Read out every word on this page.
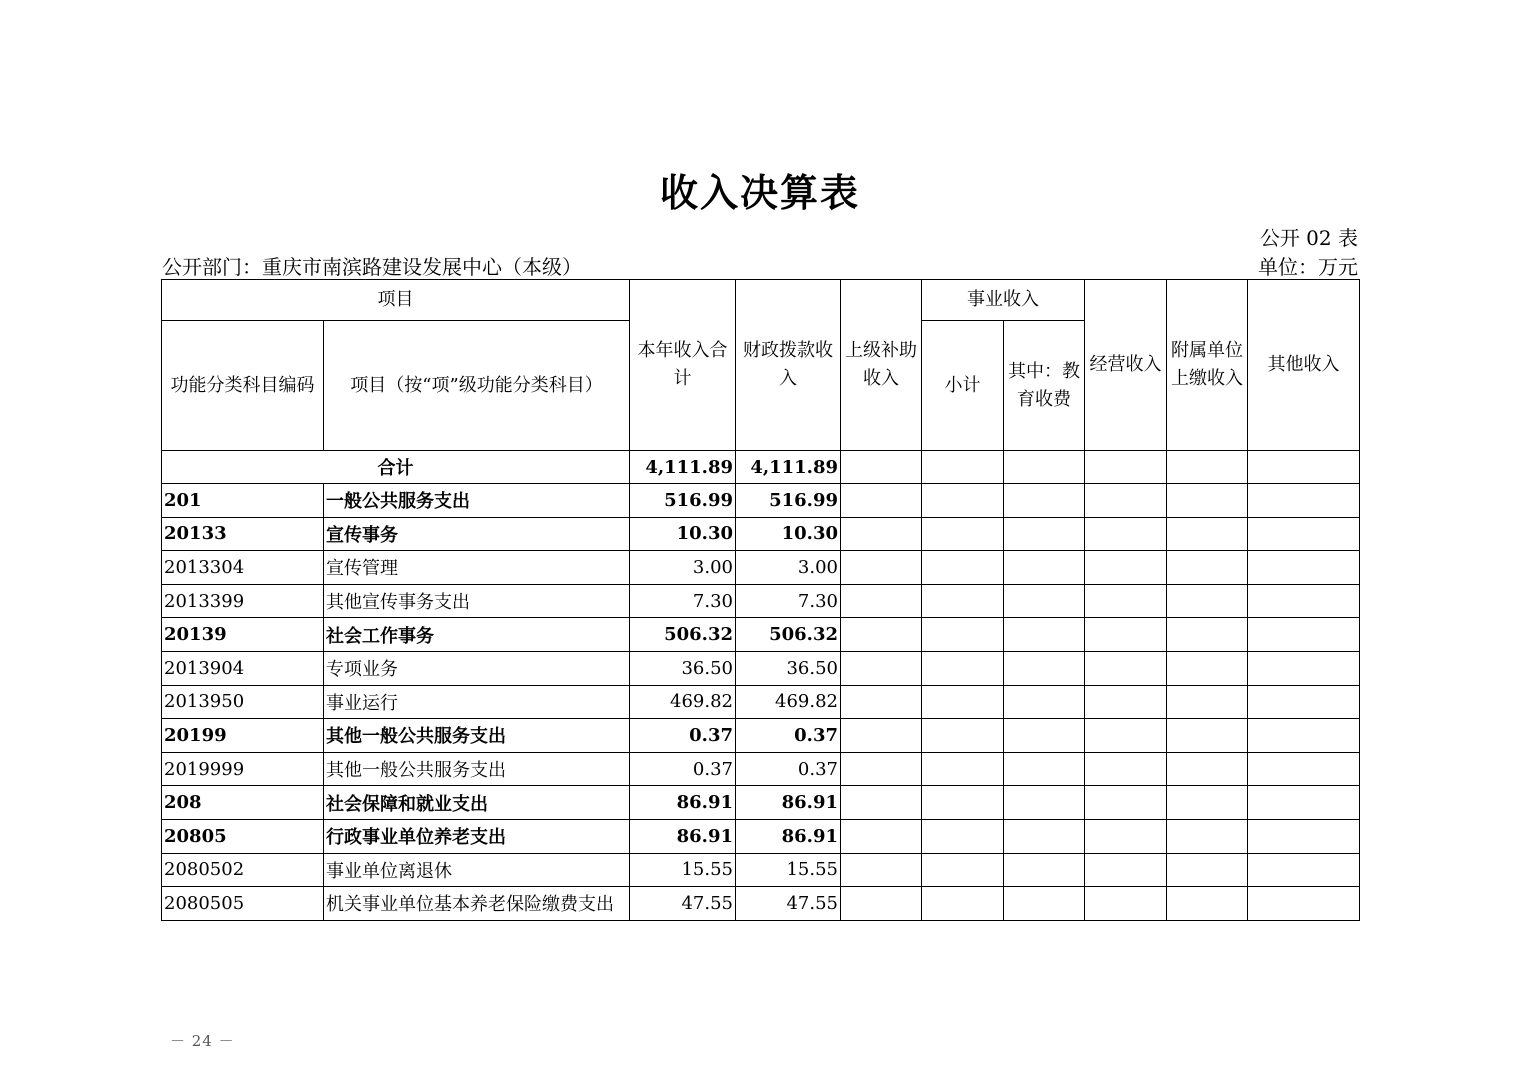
收入决算表
公开 02 表
公开部门：重庆市南滨路建设发展中心（本级）	单位：万元
项目		本年收入合计	财政拨款收入	上级补助收入	事业收入		经营收入	附属单位上缴收入	其他收入
功能分类科目编码	项目（按“项”级功能分类科目）				小计	其中：教育收费			
合计		4,111.89	4,111.89						
201	一般公共服务支出	516.99	516.99						
20133	宣传事务	10.30	10.30						
2013304	宣传管理	3.00	3.00						
2013399	其他宣传事务支出	7.30	7.30						
20139	社会工作事务	506.32	506.32						
2013904	专项业务	36.50	36.50						
2013950	事业运行	469.82	469.82						
20199	其他一般公共服务支出	0.37	0.37						
2019999	其他一般公共服务支出	0.37	0.37						
208	社会保障和就业支出	86.91	86.91						
20805	行政事业单位养老支出	86.91	86.91						
2080502	事业单位离退休	15.55	15.55						
2080505	机关事业单位基本养老保险缴费支出	47.55	47.55						
－ 24 －
